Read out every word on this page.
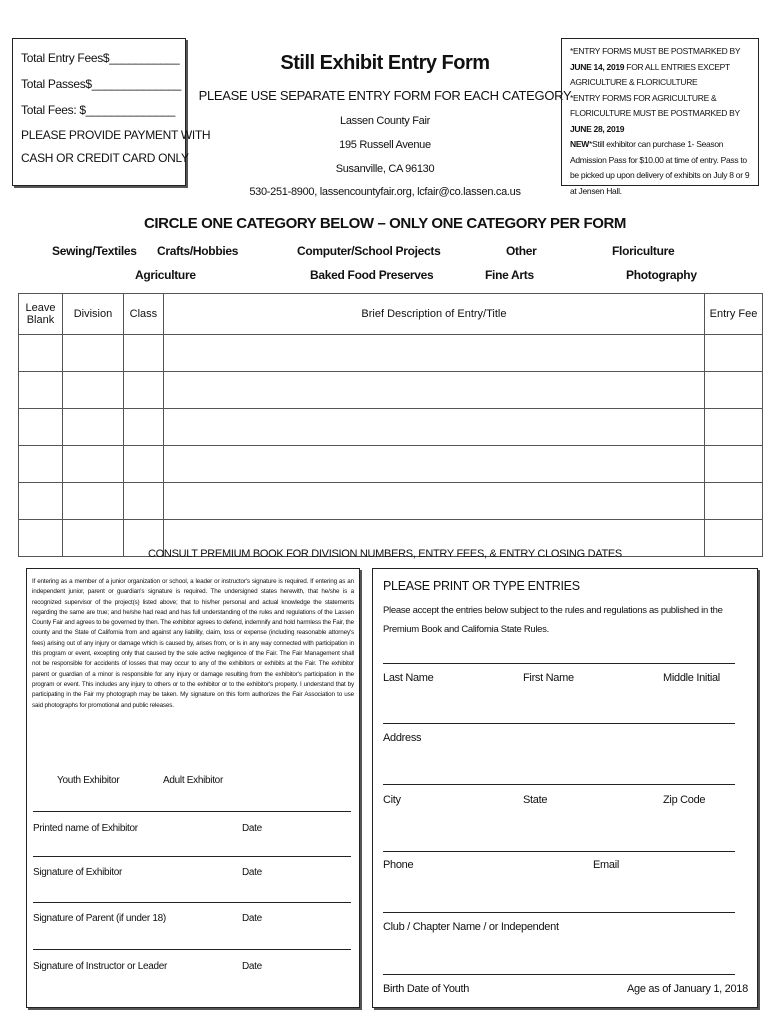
Total Entry Fees$___________
Total Passes$______________
Total Fees: $______________
PLEASE PROVIDE PAYMENT WITH
CASH OR CREDIT CARD ONLY
Still Exhibit Entry Form
PLEASE USE SEPARATE ENTRY FORM FOR EACH CATEGORY
Lassen County Fair
195 Russell Avenue
Susanville, CA 96130
530-251-8900, lassencountyfair.org, lcfair@co.lassen.ca.us
*ENTRY FORMS MUST BE POSTMARKED BY JUNE 14, 2019 FOR ALL ENTRIES EXCEPT AGRICULTURE & FLORICULTURE
*ENTRY FORMS FOR AGRICULTURE & FLORICULTURE MUST BE POSTMARKED BY JUNE 28, 2019
NEW*Still exhibitor can purchase 1- Season Admission Pass for $10.00 at time of entry. Pass to be picked up upon delivery of exhibits on July 8 or 9 at Jensen Hall.
CIRCLE ONE CATEGORY BELOW – ONLY ONE CATEGORY PER FORM
Sewing/Textiles Crafts/Hobbies	Computer/School Projects	Other	Floriculture
Agriculture	Baked Food Preserves	Fine Arts	Photography
Leave
Blank	Division	Class	Brief Description of Entry/Title	Entry Fee

CONSULT PREMIUM BOOK FOR DIVISION NUMBERS, ENTRY FEES, & ENTRY CLOSING DATES
If entering as a member of a junior organization or school, a leader or instructor's signature is required. If entering as an independent junior, parent or guardian's signature is required. The undersigned states herewith, that he/she is a recognized supervisor of the project(s) listed above; that to his/her personal and actual knowledge the statements regarding the same are true; and he/she had read and has full understanding of the rules and regulations of the Lassen County Fair and agrees to be governed by then. The exhibitor agrees to defend, indemnify and hold harmless the Fair, the county and the State of California from and against any liability, claim, loss or expense (including reasonable attorney's fees) arising out of any injury or damage which is caused by, arises from, or is in any way connected with participation in this program or event, excepting only that caused by the sole active negligence of the Fair. The Fair Management shall not be responsible for accidents of losses that may occur to any of the exhibitors or exhibits at the Fair. The exhibitor parent or guardian of a minor is responsible for any injury or damage resulting from the exhibitor's participation in the program or event. This includes any injury to others or to the exhibitor or to the exhibitor's property. I understand that by participating in the Fair my photograph may be taken. My signature on this form authorizes the Fair Association to use said photographs for promotional and public releases.
Youth Exhibitor	Adult Exhibitor
Printed name of Exhibitor	Date
Signature of Exhibitor	Date
Signature of Parent (if under 18)	Date
Signature of Instructor or Leader	Date
PLEASE PRINT OR TYPE ENTRIES
Please accept the entries below subject to the rules and regulations as published in the Premium Book and California State Rules.
Last Name	First Name	Middle Initial
Address
City	State	Zip Code
Phone	Email
Club / Chapter Name / or Independent
Birth Date of Youth	Age as of January 1, 2018
